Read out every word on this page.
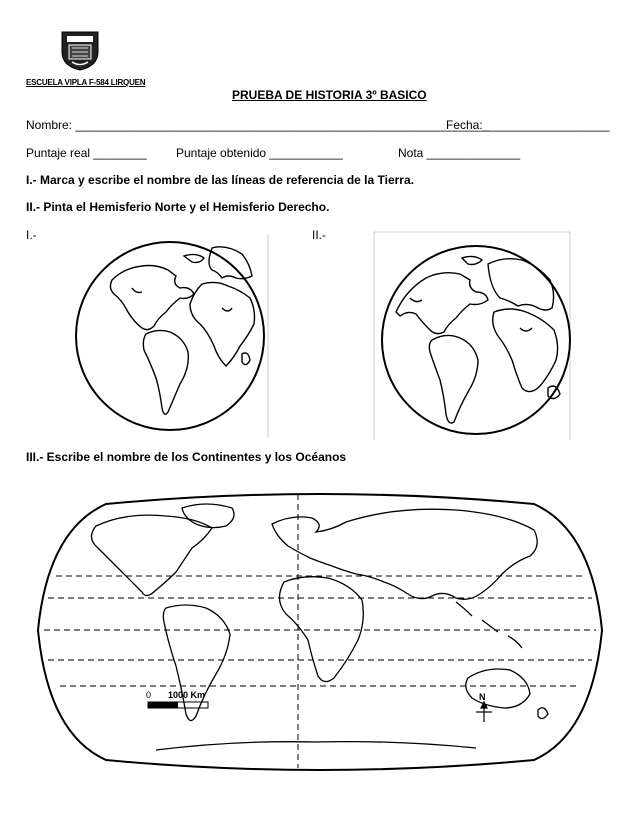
ESCUELA VIPLA F-584 LIRQUEN
PRUEBA DE HISTORIA 3º BASICO
Nombre: ______________________________________________________________
Fecha:___________________
Puntaje real ________ Puntaje obtenido ___________	Nota ______________
I.- Marca y escribe el nombre de las líneas de referencia de la Tierra.
II.- Pinta el Hemisferio Norte y el Hemisferio Derecho.
I.-	II.-
III.- Escribe el nombre de los Continentes y los Océanos
0 1000 Km	N
